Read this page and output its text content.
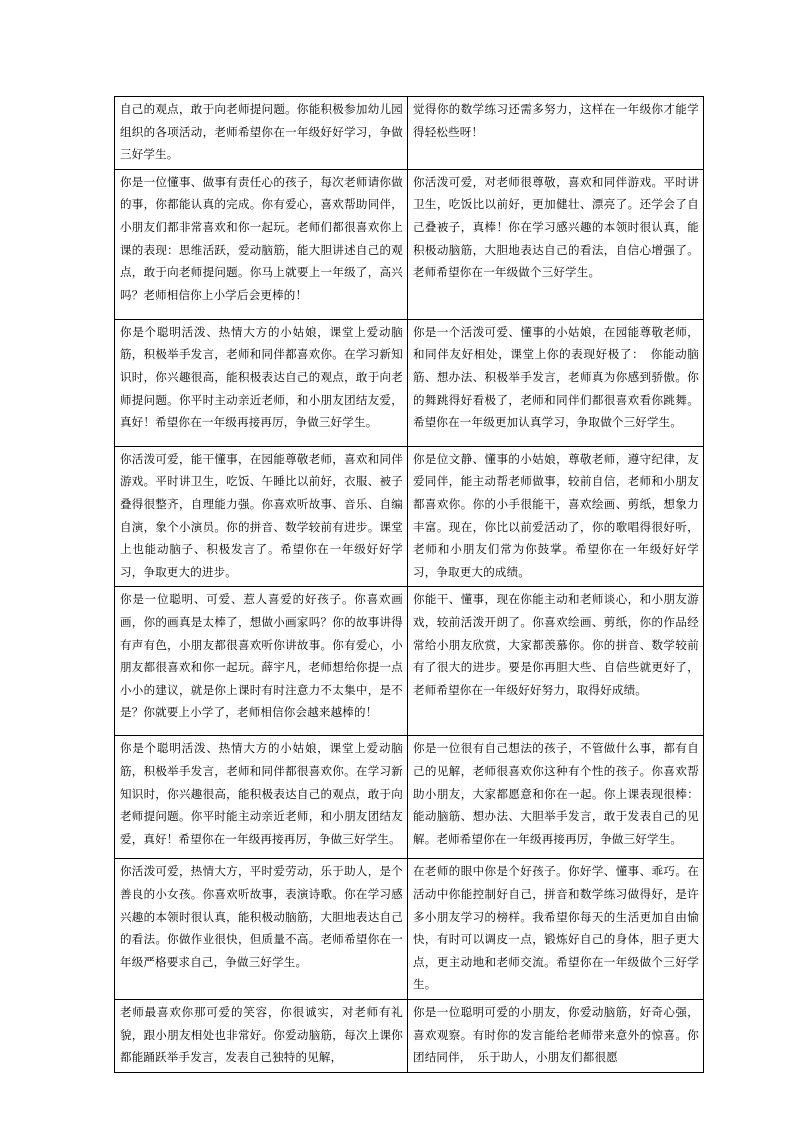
自己的观点，敢于向老师提问题。你能积极参加幼儿园组织的各项活动，老师希望你在一年级好好学习，争做三好学生。	觉得你的数学练习还需多努力，这样在一年级你才能学得轻松些呀！
你是一位懂事、做事有责任心的孩子，每次老师请你做的事，你都能认真的完成。你有爱心，喜欢帮助同伴，小朋友们都非常喜欢和你一起玩。老师们都很喜欢你上课的表现：思维活跃，爱动脑筋，能大胆讲述自己的观点，敢于向老师提问题。你马上就要上一年级了，高兴吗？老师相信你上小学后会更棒的！	你活泼可爱，对老师很尊敬，喜欢和同伴游戏。平时讲卫生，吃饭比以前好，更加健壮、漂亮了。还学会了自己叠被子，真棒！你在学习感兴趣的本领时很认真，能积极动脑筋，大胆地表达自己的看法，自信心增强了。老师希望你在一年级做个三好学生。
你是个聪明活泼、热情大方的小姑娘，课堂上爱动脑筋，积极举手发言，老师和同伴都喜欢你。在学习新知识时，你兴趣很高，能积极表达自己的观点，敢于向老师提问题。你平时主动亲近老师，和小朋友团结友爱，真好！希望你在一年级再接再厉，争做三好学生。	你是一个活泼可爱、懂事的小姑娘，在园能尊敬老师，和同伴友好相处，课堂上你的表现好极了：　你能动脑筋、想办法、积极举手发言，老师真为你感到骄傲。你的舞跳得好看极了，老师和同伴们都很喜欢看你跳舞。希望你在一年级更加认真学习，争取做个三好学生。
你活泼可爱，能干懂事，在园能尊敬老师，喜欢和同伴游戏。平时讲卫生，吃饭、午睡比以前好，衣服、被子叠得很整齐，自理能力强。你喜欢听故事、音乐、自编自演，象个小演员。你的拼音、数学较前有进步。课堂上也能动脑子、积极发言了。希望你在一年级好好学习，争取更大的进步。	你是位文静、懂事的小姑娘，尊敬老师，遵守纪律，友爱同伴，能主动帮老师做事，较前自信，老师和小朋友都喜欢你。你的小手很能干，喜欢绘画、剪纸，想象力丰富。现在，你比以前爱活动了，你的歌唱得很好听，老师和小朋友们常为你鼓掌。希望你在一年级好好学习，争取更大的成绩。
你是一位聪明、可爱、惹人喜爱的好孩子。你喜欢画画，你的画真是太棒了，想做小画家吗？你的故事讲得有声有色，小朋友都很喜欢听你讲故事。你有爱心，小朋友都很喜欢和你一起玩。薛宇凡，老师想给你提一点小小的建议，就是你上课时有时注意力不太集中，是不是？你就要上小学了，老师相信你会越来越棒的！	你能干、懂事，现在你能主动和老师谈心，和小朋友游戏，较前活泼开朗了。你喜欢绘画、剪纸，你的作品经常给小朋友欣赏，大家都羡慕你。你的拼音、数学较前有了很大的进步。要是你再胆大些、自信些就更好了，老师希望你在一年级好好努力，取得好成绩。
你是个聪明活泼、热情大方的小姑娘，课堂上爱动脑筋，积极举手发言，老师和同伴都很喜欢你。在学习新知识时，你兴趣很高，能积极表达自己的观点，敢于向老师提问题。你平时能主动亲近老师，和小朋友团结友爱，真好！希望你在一年级再接再厉，争做三好学生。	你是一位很有自己想法的孩子，不管做什么事，都有自己的见解，老师很喜欢你这种有个性的孩子。你喜欢帮助小朋友，大家都愿意和你在一起。你上课表现很棒：能动脑筋、想办法、大胆举手发言，敢于发表自己的见解。老师希望你在一年级再接再厉，争做三好学生。
你活泼可爱，热情大方，平时爱劳动，乐于助人，是个善良的小女孩。你喜欢听故事，表演诗歌。你在学习感兴趣的本领时很认真，能积极动脑筋，大胆地表达自己的看法。你做作业很快，但质量不高。老师希望你在一年级严格要求自己，争做三好学生。	在老师的眼中你是个好孩子。你好学、懂事、乖巧。在活动中你能控制好自己，拼音和数学练习做得好，是许多小朋友学习的榜样。我希望你每天的生活更加自由愉快，有时可以调皮一点，锻炼好自己的身体，胆子更大点，更主动地和老师交流。希望你在一年级做个三好学生。
老师最喜欢你那可爱的笑容，你很诚实，对老师有礼貌，跟小朋友相处也非常好。你爱动脑筋，每次上课你都能踊跃举手发言，发表自己独特的见解，	你是一位聪明可爱的小朋友，你爱动脑筋，好奇心强，喜欢观察。有时你的发言能给老师带来意外的惊喜。你团结同伴，　乐于助人，小朋友们都很愿
